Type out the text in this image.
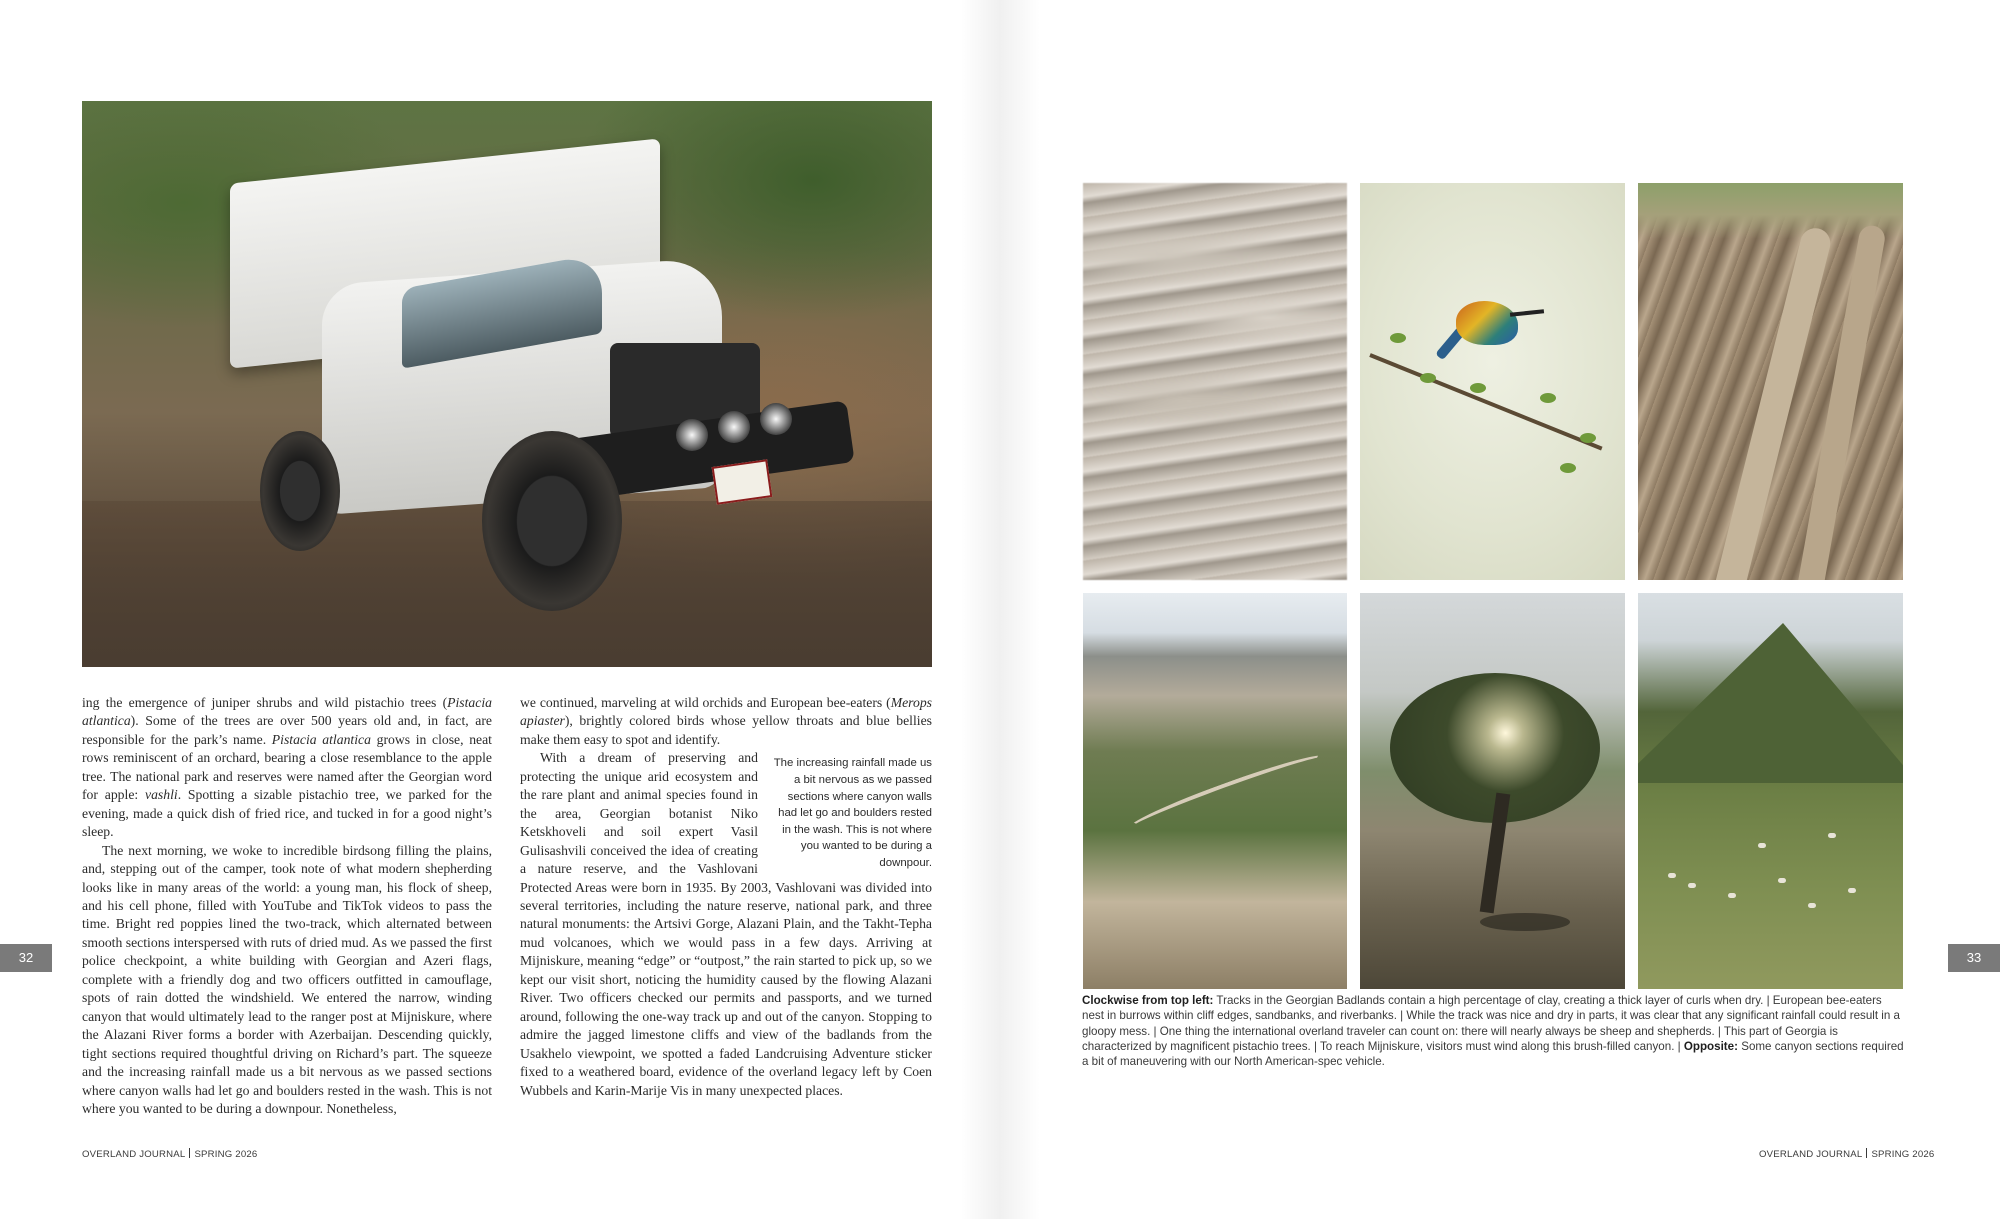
ing the emergence of juniper shrubs and wild pistachio trees (Pistacia atlantica). Some of the trees are over 500 years old and, in fact, are responsible for the park’s name. Pistacia atlantica grows in close, neat rows reminiscent of an orchard, bearing a close resemblance to the apple tree. The national park and reserves were named after the Georgian word for apple: vashli. Spotting a sizable pistachio tree, we parked for the evening, made a quick dish of fried rice, and tucked in for a good night’s sleep.

The next morning, we woke to incredible birdsong filling the plains, and, stepping out of the camper, took note of what modern shepherding looks like in many areas of the world: a young man, his flock of sheep, and his cell phone, filled with YouTube and TikTok videos to pass the time. Bright red poppies lined the two-track, which alternated between smooth sections interspersed with ruts of dried mud. As we passed the first police checkpoint, a white building with Georgian and Azeri flags, complete with a friendly dog and two officers outfitted in camouflage, spots of rain dotted the windshield. We entered the narrow, winding canyon that would ultimately lead to the ranger post at Mijniskure, where the Alazani River forms a border with Azerbaijan. Descending quickly, tight sections required thoughtful driving on Richard’s part. The squeeze and the increasing rainfall made us a bit nervous as we passed sections where canyon walls had let go and boulders rested in the wash. This is not where you wanted to be during a downpour. Nonetheless,

we continued, marveling at wild orchids and European bee-eaters (Merops apiaster), brightly colored birds whose yellow throats and blue bellies make them easy to spot and identify.

The increasing rainfall made us a bit nervous as we passed sections where canyon walls had let go and boulders rested in the wash. This is not where you wanted to be during a downpour.
With a dream of preserving and protecting the unique arid ecosystem and the rare plant and animal species found in the area, Georgian botanist Niko Ketskhoveli and soil expert Vasil Gulisashvili conceived the idea of creating a nature reserve, and the Vashlovani Protected Areas were born in 1935. By 2003, Vashlovani was divided into several territories, including the nature reserve, national park, and three natural monuments: the Artsivi Gorge, Alazani Plain, and the Takht-Tepha mud volcanoes, which we would pass in a few days. Arriving at Mijniskure, meaning “edge” or “outpost,” the rain started to pick up, so we kept our visit short, noticing the humidity caused by the flowing Alazani River. Two officers checked our permits and passports, and we turned around, following the one-way track up and out of the canyon. Stopping to admire the jagged limestone cliffs and view of the badlands from the Usakhelo viewpoint, we spotted a faded Landcruising Adventure sticker fixed to a weathered board, evidence of the overland legacy left by Coen Wubbels and Karin-Marije Vis in many unexpected places.

Clockwise from top left: Tracks in the Georgian Badlands contain a high percentage of clay, creating a thick layer of curls when dry. | European bee-eaters nest in burrows within cliff edges, sandbanks, and riverbanks. | While the track was nice and dry in parts, it was clear that any significant rainfall could result in a gloopy mess. | One thing the international overland traveler can count on: there will nearly always be sheep and shepherds. | This part of Georgia is characterized by magnificent pistachio trees. | To reach Mijniskure, visitors must wind along this brush-filled canyon. | Opposite: Some canyon sections required a bit of maneuvering with our North American-spec vehicle.
32	33
OVERLAND JOURNAL SPRING 2026	OVERLAND JOURNAL SPRING 2026
